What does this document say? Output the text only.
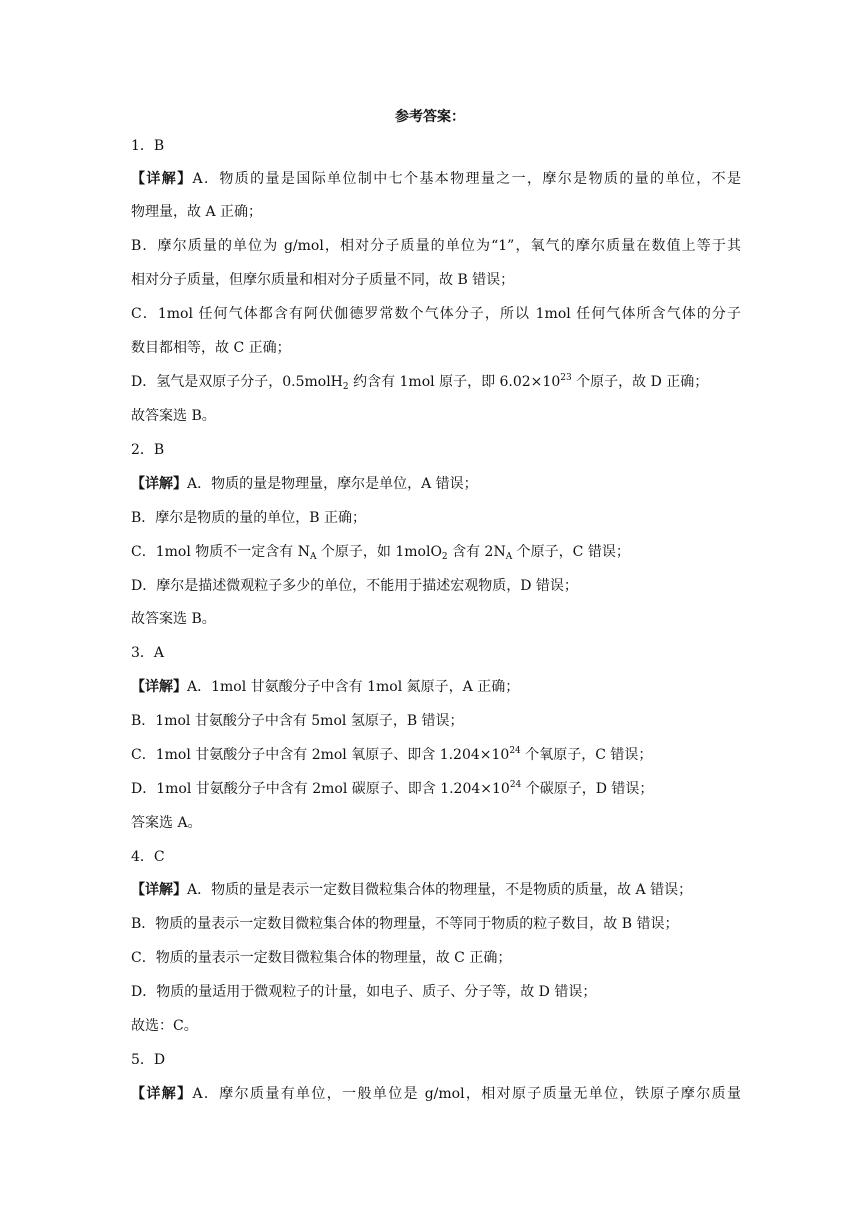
参考答案：
1．B
【详解】A．物质的量是国际单位制中七个基本物理量之一，摩尔是物质的量的单位，不是
物理量，故 A 正确；
B．摩尔质量的单位为 g/mol，相对分子质量的单位为“1”，氧气的摩尔质量在数值上等于其
相对分子质量，但摩尔质量和相对分子质量不同，故 B 错误；
C．1mol 任何气体都含有阿伏伽德罗常数个气体分子，所以 1mol 任何气体所含气体的分子
数目都相等，故 C 正确；
D．氢气是双原子分子，0.5molH$_2$ 约含有 1mol 原子，即 $6.02\times 10^{23}$ 个原子，故 D 正确；
故答案选 B。
2．B
【详解】A．物质的量是物理量，摩尔是单位，A 错误；
B．摩尔是物质的量的单位，B 正确；
C．1mol 物质不一定含有 $N_A$ 个原子，如 1molO$_2$ 含有 $2N_A$ 个原子，C 错误；
D．摩尔是描述微观粒子多少的单位，不能用于描述宏观物质，D 错误；
故答案选 B。
3．A
【详解】A．1mol 甘氨酸分子中含有 1mol 氮原子，A 正确；
B．1mol 甘氨酸分子中含有 5mol 氢原子，B 错误；
C．1mol 甘氨酸分子中含有 2mol 氧原子、即含 $1.204\times 10^{24}$ 个氧原子，C 错误；
D．1mol 甘氨酸分子中含有 2mol 碳原子、即含 $1.204\times 10^{24}$ 个碳原子，D 错误；
答案选 A。
4．C
【详解】A．物质的量是表示一定数目微粒集合体的物理量，不是物质的质量，故 A 错误；
B．物质的量表示一定数目微粒集合体的物理量，不等同于物质的粒子数目，故 B 错误；
C．物质的量表示一定数目微粒集合体的物理量，故 C 正确；
D．物质的量适用于微观粒子的计量，如电子、质子、分子等，故 D 错误；
故选：C。
5．D
【详解】A．摩尔质量有单位，一般单位是 g/mol，相对原子质量无单位，铁原子摩尔质量
